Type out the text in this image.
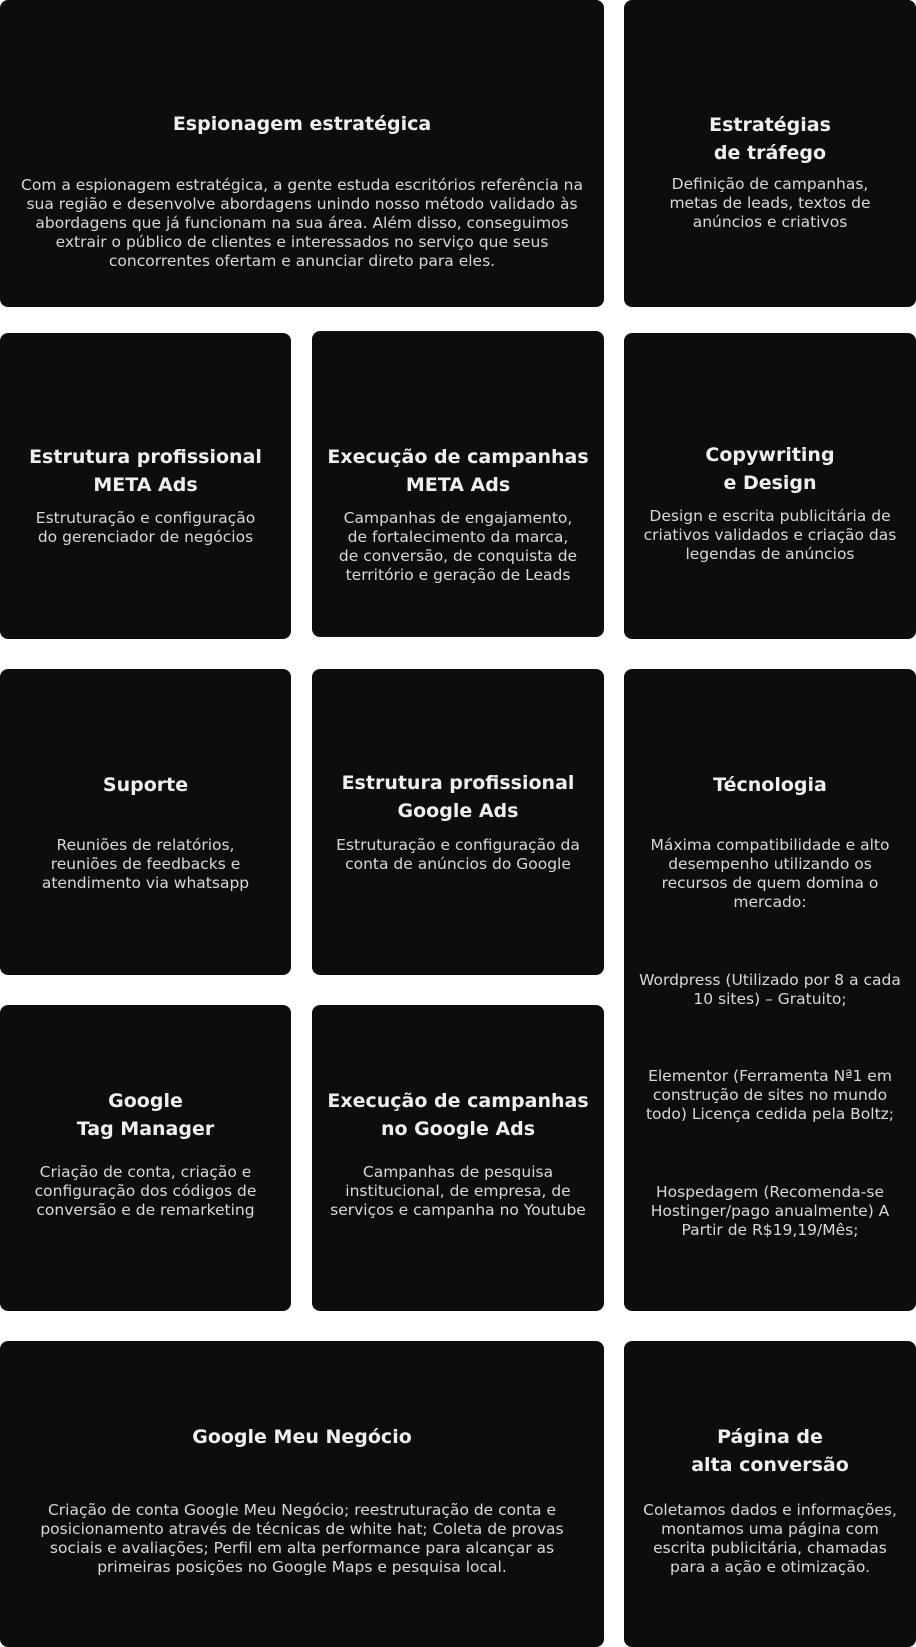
Espionagem estratégica
Com a espionagem estratégica, a gente estuda escritórios referência na
sua região e desenvolve abordagens unindo nosso método validado às
abordagens que já funcionam na sua área. Além disso, conseguimos
extrair o público de clientes e interessados no serviço que seus
concorrentes ofertam e anunciar direto para eles.
Estratégias
de tráfego
Definição de campanhas,
metas de leads, textos de
anúncios e criativos
Estrutura profissional
META Ads
Estruturação e configuração
do gerenciador de negócios
Execução de campanhas
META Ads
Campanhas de engajamento,
de fortalecimento da marca,
de conversão, de conquista de
território e geração de Leads
Copywriting
e Design
Design e escrita publicitária de
criativos validados e criação das
legendas de anúncios
Suporte
Reuniões de relatórios,
reuniões de feedbacks e
atendimento via whatsapp
Estrutura profissional
Google Ads
Estruturação e configuração da
conta de anúncios do Google
Técnologia
Máxima compatibilidade e alto
desempenho utilizando os
recursos de quem domina o
mercado:
Wordpress (Utilizado por 8 a cada
10 sites) – Gratuito;
Elementor (Ferramenta Nª1 em
construção de sites no mundo
todo) Licença cedida pela Boltz;
Hospedagem (Recomenda-se
Hostinger/pago anualmente) A
Partir de R$19,19/Mês;
Google
Tag Manager
Criação de conta, criação e
configuração dos códigos de
conversão e de remarketing
Execução de campanhas
no Google Ads
Campanhas de pesquisa
institucional, de empresa, de
serviços e campanha no Youtube
Google Meu Negócio
Criação de conta Google Meu Negócio; reestruturação de conta e
posicionamento através de técnicas de white hat; Coleta de provas
sociais e avaliações; Perfil em alta performance para alcançar as
primeiras posições no Google Maps e pesquisa local.
Página de
alta conversão
Coletamos dados e informações,
montamos uma página com
escrita publicitária, chamadas
para a ação e otimização.
